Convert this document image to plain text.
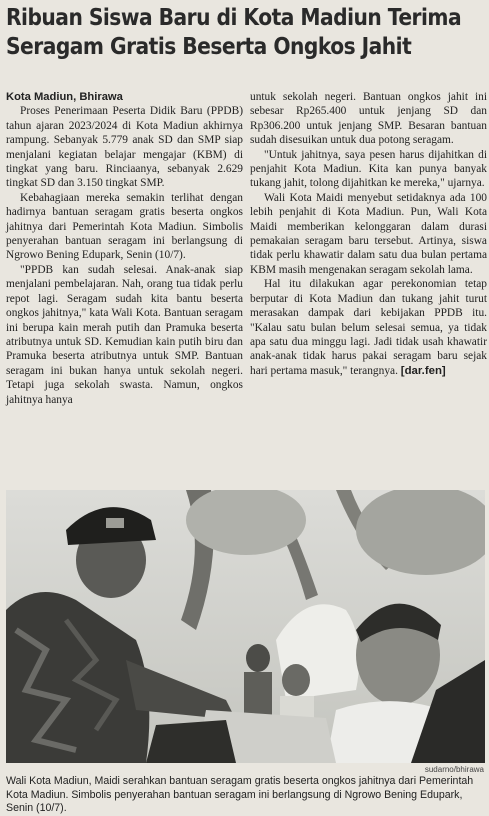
Ribuan Siswa Baru di Kota Madiun Terima
Seragam Gratis Beserta Ongkos Jahit
Kota Madiun, Bhirawa

Proses Penerimaan Peserta Didik Baru (PPDB) tahun ajaran 2023/2024 di Kota Madiun akhirnya rampung. Sebanyak 5.779 anak SD dan SMP siap menjalani kegiatan belajar mengajar (KBM) di tingkat yang baru. Rinciaanya, sebanyak 2.629 tingkat SD dan 3.150 tingkat SMP.

Kebahagiaan mereka semakin terlihat dengan hadirnya bantuan seragam gratis beserta ongkos jahitnya dari Pemerintah Kota Madiun. Simbolis penyerahan bantuan seragam ini berlangsung di Ngrowo Bening Edupark, Senin (10/7).

"PPDB kan sudah selesai. Anak-anak siap menjalani pembelajaran. Nah, orang tua tidak perlu repot lagi. Seragam sudah kita bantu beserta ongkos jahitnya," kata Wali Kota. Bantuan seragam ini berupa kain merah putih dan Pramuka beserta atributnya untuk SD. Kemudian kain putih biru dan Pramuka beserta atributnya untuk SMP. Bantuan seragam ini bukan hanya untuk sekolah negeri. Tetapi juga sekolah swasta. Namun, ongkos jahitnya hanya

untuk sekolah negeri. Bantuan ongkos jahit ini sebesar Rp265.400 untuk jenjang SD dan Rp306.200 untuk jenjang SMP. Besaran bantuan sudah disesuikan untuk dua potong seragam.

"Untuk jahitnya, saya pesen harus dijahitkan di penjahit Kota Madiun. Kita kan punya banyak tukang jahit, tolong dijahitkan ke mereka," ujarnya.

Wali Kota Maidi menyebut setidaknya ada 100 lebih penjahit di Kota Madiun. Pun, Wali Kota Maidi memberikan kelonggaran dalam durasi pemakaian seragam baru tersebut. Artinya, siswa tidak perlu khawatir dalam satu dua bulan pertama KBM masih mengenakan seragam sekolah lama.

Hal itu dilakukan agar perekonomian tetap berputar di Kota Madiun dan tukang jahit turut merasakan dampak dari kebijakan PPDB itu. "Kalau satu bulan belum selesai semua, ya tidak apa satu dua minggu lagi. Jadi tidak usah khawatir anak-anak tidak harus pakai seragam baru sejak hari pertama masuk," terangnya. [dar.fen]

sudarno/bhirawa
Wali Kota Madiun, Maidi serahkan bantuan seragam gratis beserta ongkos jahitnya dari Pemerintah Kota Madiun. Simbolis penyerahan bantuan seragam ini berlangsung di Ngrowo Bening Edupark, Senin (10/7).
